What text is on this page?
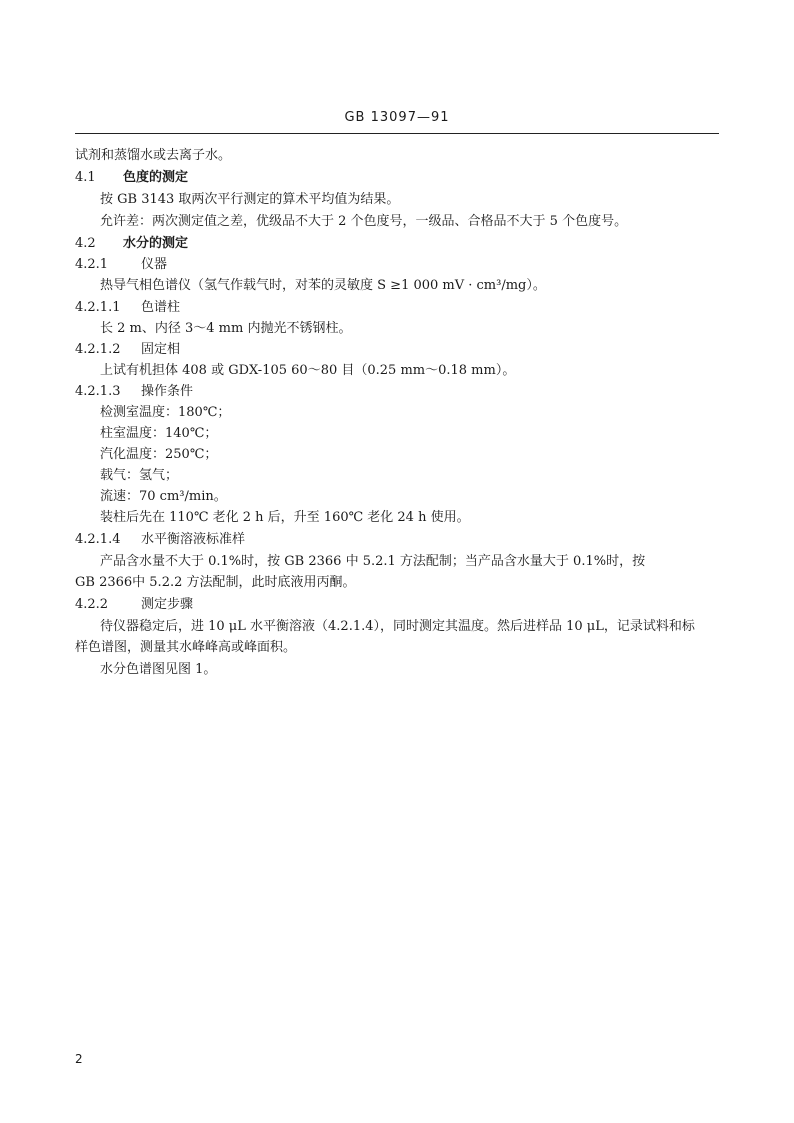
GB 13097—91
试剂和蒸馏水或去离子水。
4.1 色度的测定
按 GB 3143 取两次平行测定的算术平均值为结果。
允许差：两次测定值之差，优级品不大于 2 个色度号，一级品、合格品不大于 5 个色度号。
4.2 水分的测定
4.2.1	仪器
热导气相色谱仪（氢气作载气时，对苯的灵敏度 S ≥1 000 mV · cm³/mg）。
4.2.1.1 色谱柱
长 2 m、内径 3～4 mm 内抛光不锈钢柱。
4.2.1.2 固定相
上试有机担体 408 或 GDX-105 60～80 目（0.25 mm～0.18 mm）。
4.2.1.3 操作条件
检测室温度：180℃；
柱室温度：140℃；
汽化温度：250℃；
载气：氢气；
流速：70 cm³/min。
装柱后先在 110℃ 老化 2 h 后，升至 160℃ 老化 24 h 使用。
4.2.1.4 水平衡溶液标准样
产品含水量不大于 0.1%时，按 GB 2366 中 5.2.1 方法配制；当产品含水量大于 0.1%时，按
GB 2366中 5.2.2 方法配制，此时底液用丙酮。
4.2.2	测定步骤
待仪器稳定后，进 10 μL 水平衡溶液（4.2.1.4），同时测定其温度。然后进样品 10 μL，记录试料和标
样色谱图，测量其水峰峰高或峰面积。
水分色谱图见图 1。
2
